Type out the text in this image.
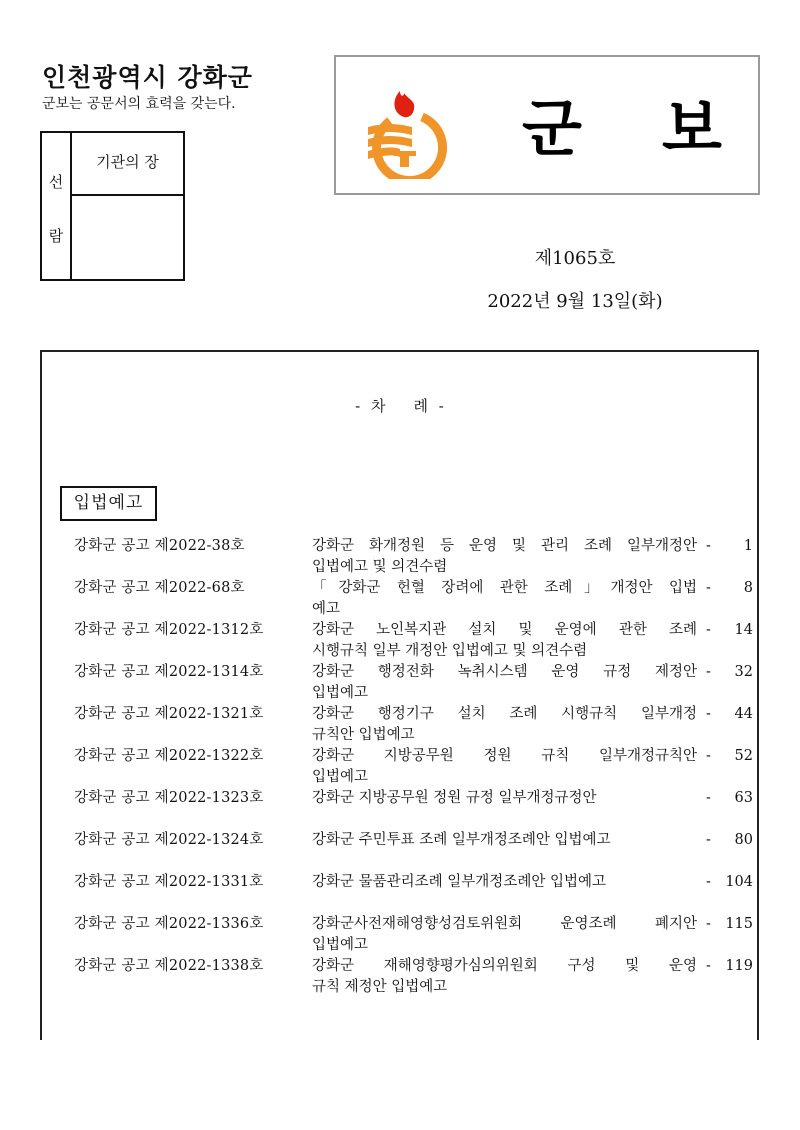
인천광역시 강화군
군보는 공문서의 효력을 갖는다.
선
람
기관의 장	군 보
제1065호
2022년 9월 13일(화)
- 차 례 -
입법예고
강화군 공고 제2022-38호	강화군 화개정원 등 운영 및 관리 조례 일부개정안
입법예고 및 의견수렴
- 1
강화군 공고 제2022-68호	「강화군 헌혈 장려에 관한 조례」개정안 입법
예고
- 8
강화군 공고 제2022-1312호	강화군 노인복지관 설치 및 운영에 관한 조례
시행규칙 일부 개정안 입법예고 및 의견수렴
- 14
강화군 공고 제2022-1314호	강화군 행정전화 녹취시스템 운영 규정 제정안
입법예고
- 32
강화군 공고 제2022-1321호	강화군 행정기구 설치 조례 시행규칙 일부개정
규칙안 입법예고
- 44
강화군 공고 제2022-1322호	강화군 지방공무원 정원 규칙 일부개정규칙안
입법예고
- 52
강화군 공고 제2022-1323호	강화군 지방공무원 정원 규정 일부개정규정안	- 63
강화군 공고 제2022-1324호	강화군 주민투표 조례 일부개정조례안 입법예고	- 80
강화군 공고 제2022-1331호	강화군 물품관리조례 일부개정조례안 입법예고	- 104
강화군 공고 제2022-1336호	강화군사전재해영향성검토위원회 운영조례 폐지안
입법예고
- 115
강화군 공고 제2022-1338호	강화군 재해영향평가심의위원회 구성 및 운영
규칙 제정안 입법예고
- 119
